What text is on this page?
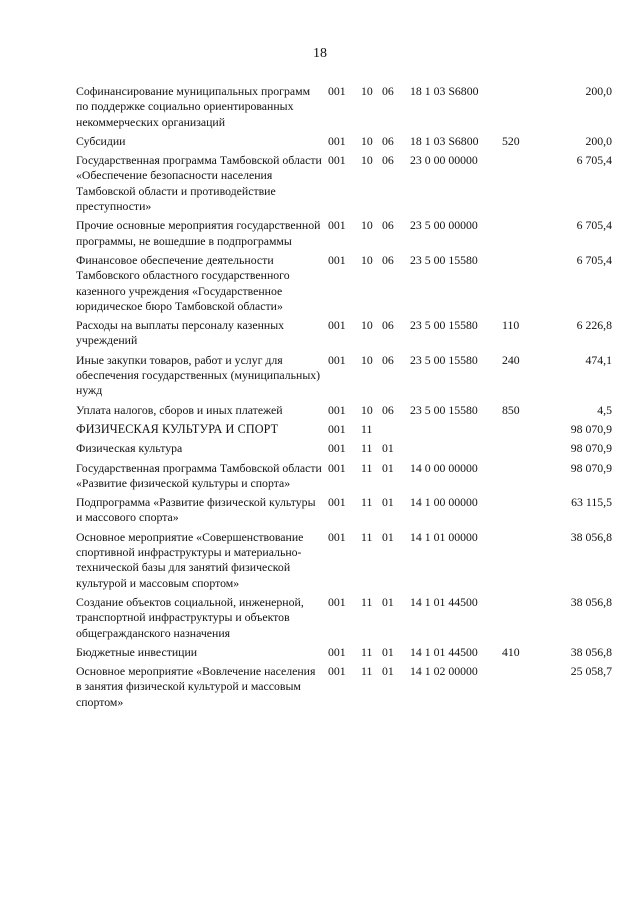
18
Софинансирование муниципальных программ по поддержке социально ориентированных некоммерческих организаций	001	10	06	18 1 03 S6800		200,0
Субсидии	001	10	06	18 1 03 S6800	520	200,0
Государственная программа Тамбовской области «Обеспечение безопасности населения Тамбовской области и противодействие преступности»	001	10	06	23 0 00 00000		6 705,4
Прочие основные мероприятия государственной программы, не вошедшие в подпрограммы	001	10	06	23 5 00 00000		6 705,4
Финансовое обеспечение деятельности Тамбовского областного государственного казенного учреждения «Государственное юридическое бюро Тамбовской области»	001	10	06	23 5 00 15580		6 705,4
Расходы на выплаты персоналу казенных учреждений	001	10	06	23 5 00 15580	110	6 226,8
Иные закупки товаров, работ и услуг для обеспечения государственных (муниципальных) нужд	001	10	06	23 5 00 15580	240	474,1
Уплата налогов, сборов и иных платежей	001	10	06	23 5 00 15580	850	4,5
ФИЗИЧЕСКАЯ КУЛЬТУРА И СПОРТ	001	11				98 070,9
Физическая культура	001	11	01			98 070,9
Государственная программа Тамбовской области «Развитие физической культуры и спорта»	001	11	01	14 0 00 00000		98 070,9
Подпрограмма «Развитие физической культуры и массового спорта»	001	11	01	14 1 00 00000		63 115,5
Основное мероприятие «Совершенствование спортивной инфраструктуры и материально-технической базы для занятий физической культурой и массовым спортом»	001	11	01	14 1 01 00000		38 056,8
Создание объектов социальной, инженерной, транспортной инфраструктуры и объектов общегражданского назначения	001	11	01	14 1 01 44500		38 056,8
Бюджетные инвестиции	001	11	01	14 1 01 44500	410	38 056,8
Основное мероприятие «Вовлечение населения в занятия физической культурой и массовым спортом»	001	11	01	14 1 02 00000		25 058,7
